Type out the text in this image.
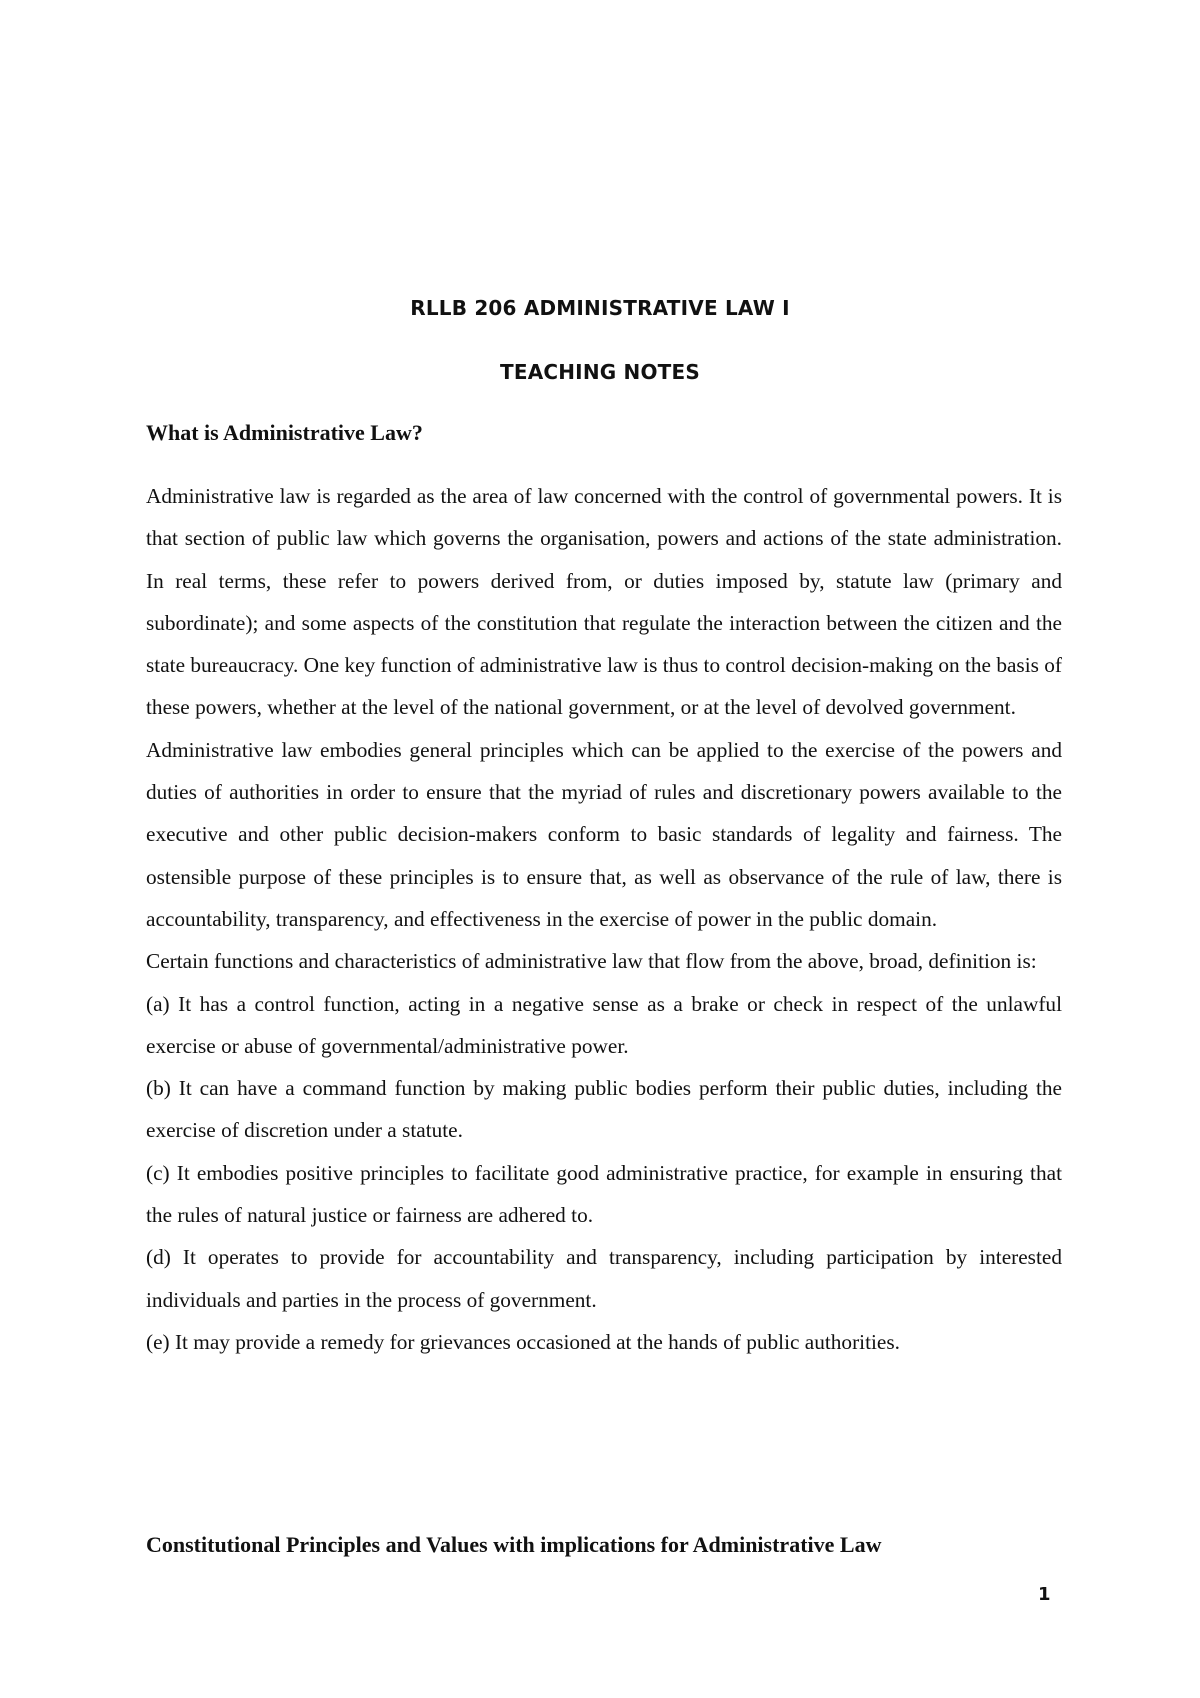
RLLB 206 ADMINISTRATIVE LAW I
TEACHING NOTES
What is Administrative Law?

Administrative law is regarded as the area of law concerned with the control of governmental powers. It is that section of public law which governs the organisation, powers and actions of the state administration. In real terms, these refer to powers derived from, or duties imposed by, statute law (primary and subordinate); and some aspects of the constitution that regulate the interaction between the citizen and the state bureaucracy. One key function of administrative law is thus to control decision-making on the basis of these powers, whether at the level of the national government, or at the level of devolved government.

Administrative law embodies general principles which can be applied to the exercise of the powers and duties of authorities in order to ensure that the myriad of rules and discretionary powers available to the executive and other public decision-makers conform to basic standards of legality and fairness. The ostensible purpose of these principles is to ensure that, as well as observance of the rule of law, there is accountability, transparency, and effectiveness in the exercise of power in the public domain.

Certain functions and characteristics of administrative law that flow from the above, broad, definition is:

(a) It has a control function, acting in a negative sense as a brake or check in respect of the unlawful exercise or abuse of governmental/administrative power.

(b) It can have a command function by making public bodies perform their public duties, including the exercise of discretion under a statute.

(c) It embodies positive principles to facilitate good administrative practice, for example in ensuring that the rules of natural justice or fairness are adhered to.

(d) It operates to provide for accountability and transparency, including participation by interested individuals and parties in the process of government.

(e) It may provide a remedy for grievances occasioned at the hands of public authorities.

Constitutional Principles and Values with implications for Administrative Law
1
